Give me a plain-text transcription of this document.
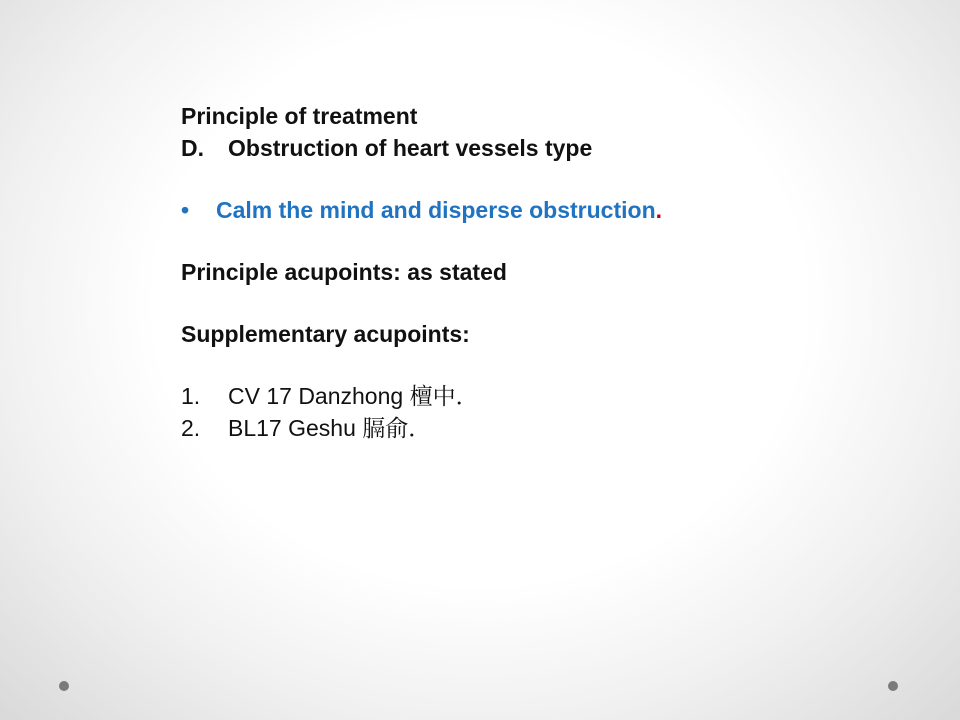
Principle of treatment
D. Obstruction of heart vessels type
• Calm the mind and disperse obstruction.
Principle acupoints: as stated
Supplementary acupoints:
1. CV 17 Danzhong 檀中．
2. BL17 Geshu 膈俞．
